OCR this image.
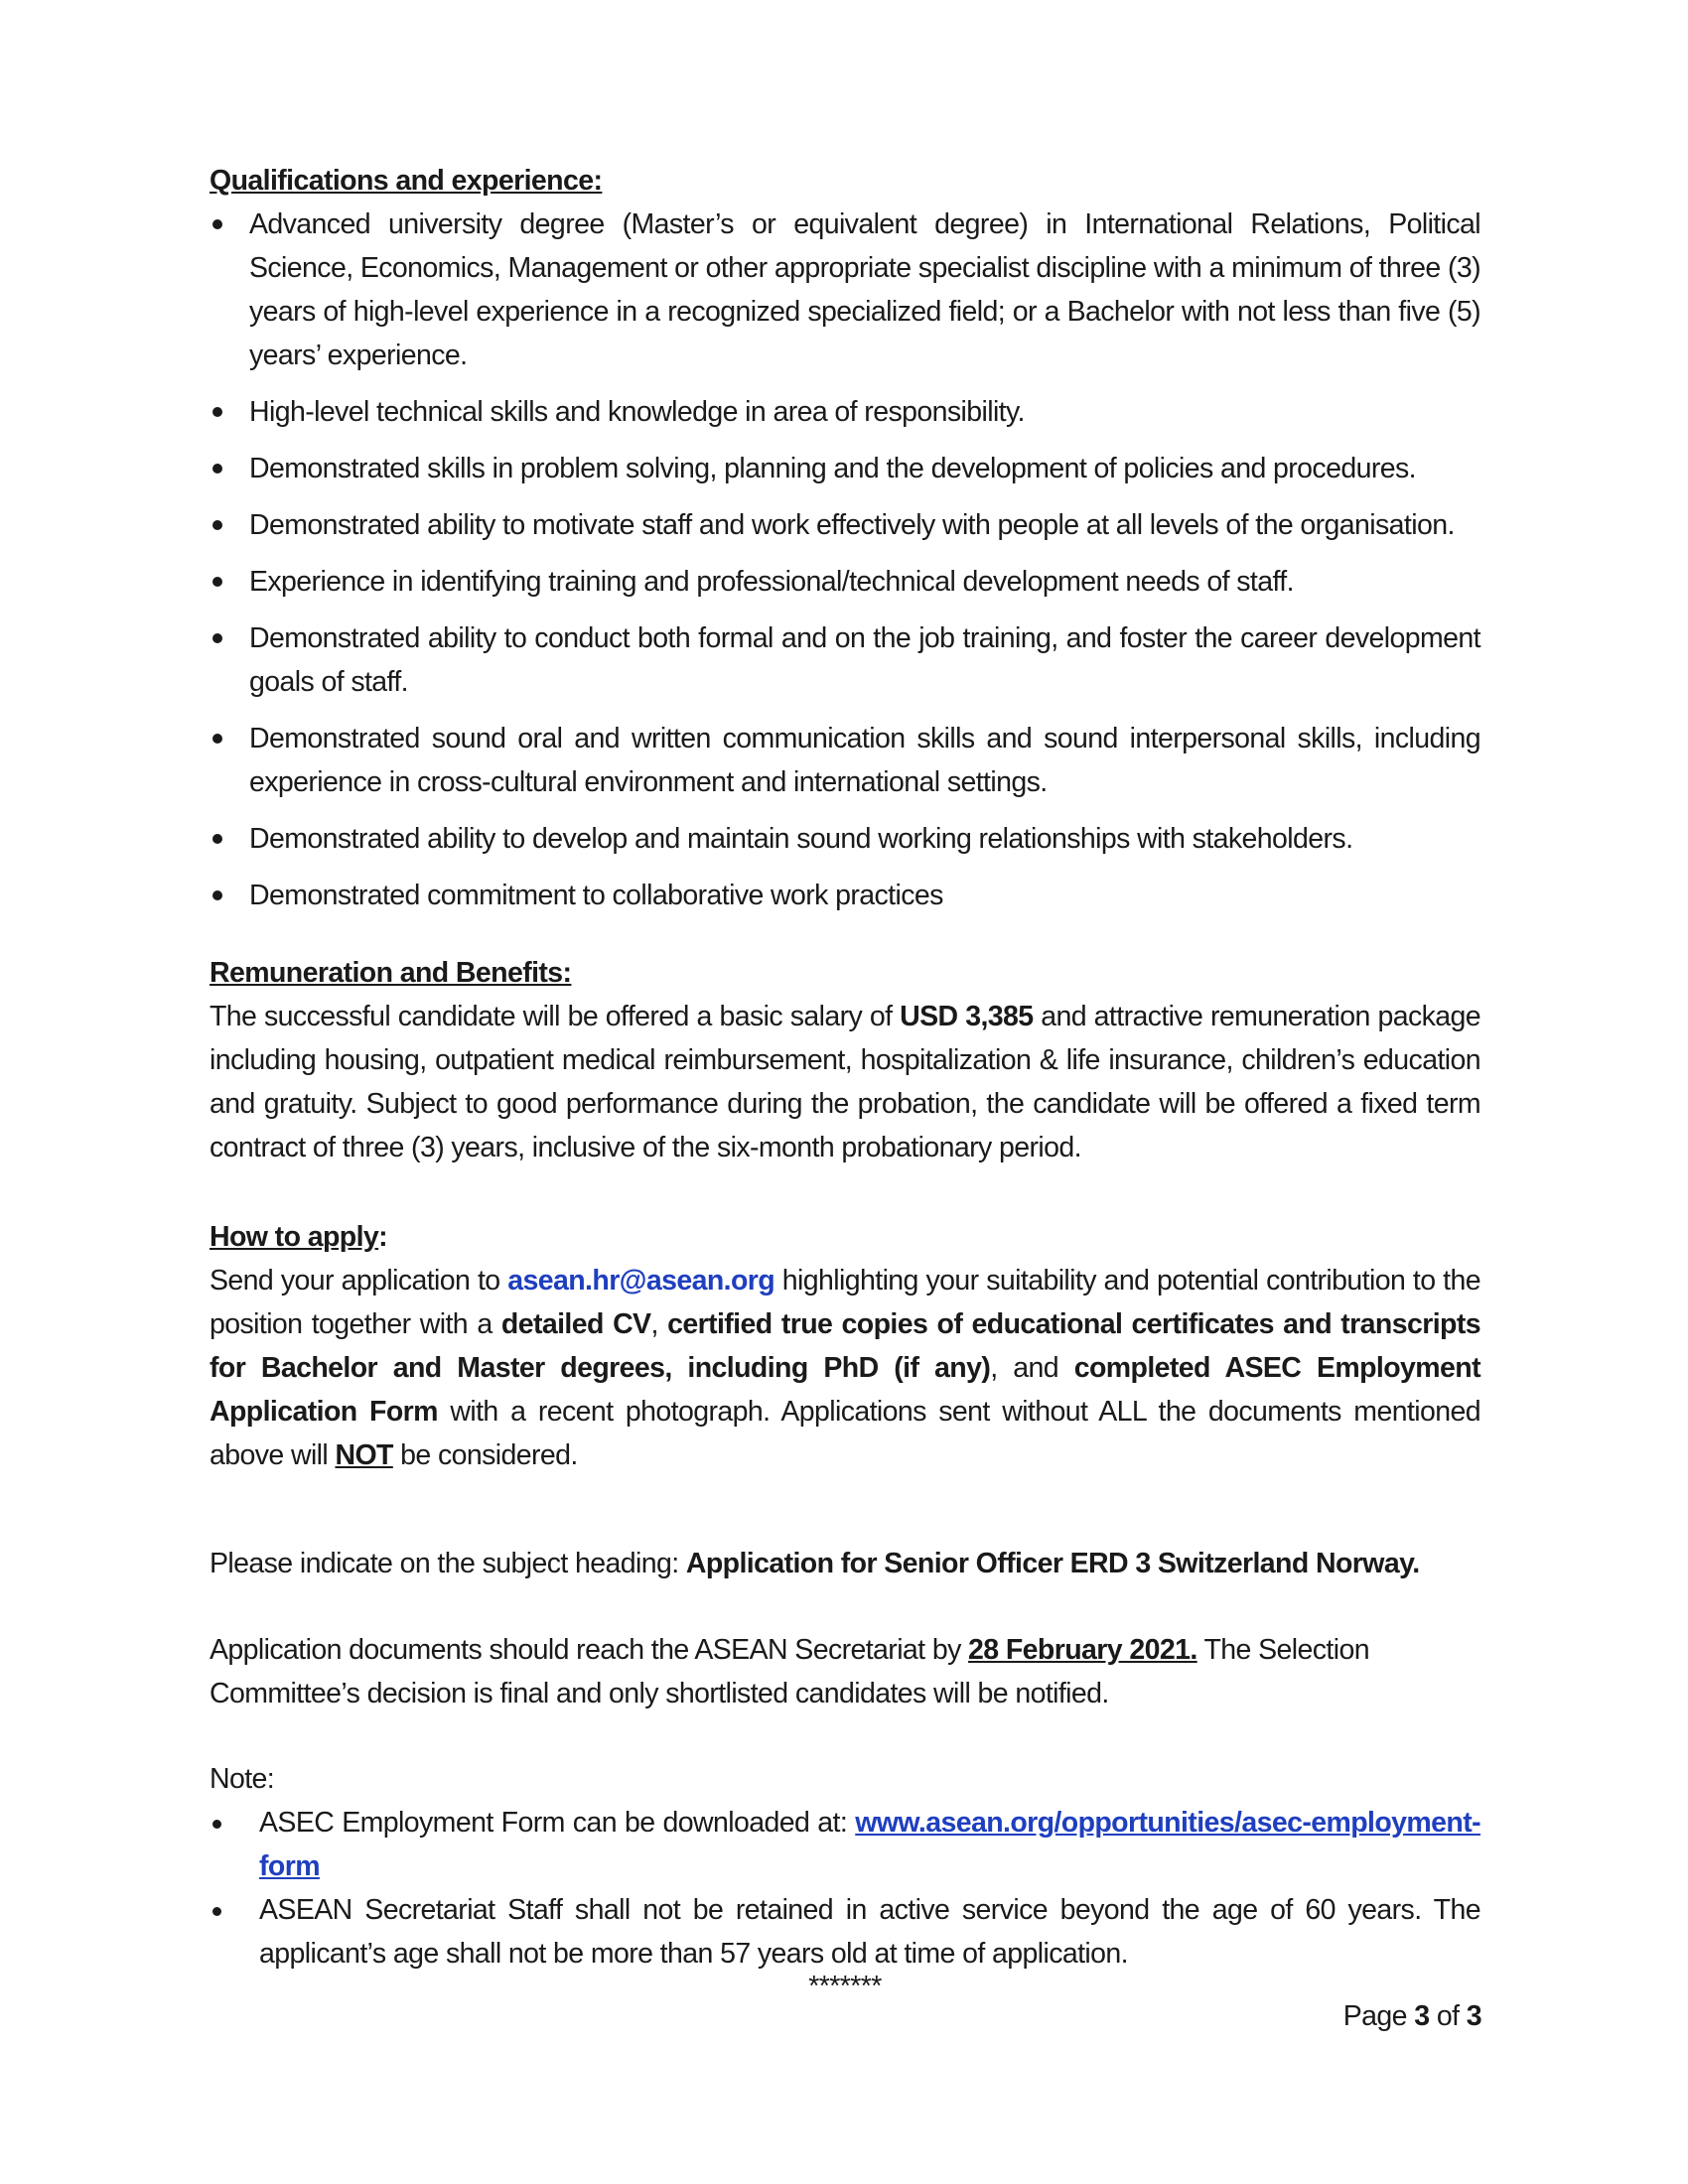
Qualifications and experience:

Advanced university degree (Master’s or equivalent degree) in International Relations, Political Science, Economics, Management or other appropriate specialist discipline with a minimum of three (3) years of high-level experience in a recognized specialized field; or a Bachelor with not less than five (5) years’ experience.
High-level technical skills and knowledge in area of responsibility.
Demonstrated skills in problem solving, planning and the development of policies and procedures.
Demonstrated ability to motivate staff and work effectively with people at all levels of the organisation.
Experience in identifying training and professional/technical development needs of staff.
Demonstrated ability to conduct both formal and on the job training, and foster the career development goals of staff.
Demonstrated sound oral and written communication skills and sound interpersonal skills, including experience in cross-cultural environment and international settings.
Demonstrated ability to develop and maintain sound working relationships with stakeholders.
Demonstrated commitment to collaborative work practices

Remuneration and Benefits:

The successful candidate will be offered a basic salary of USD 3,385 and attractive remuneration package including housing, outpatient medical reimbursement, hospitalization & life insurance, children’s education and gratuity. Subject to good performance during the probation, the candidate will be offered a fixed term contract of three (3) years, inclusive of the six-month probationary period.

How to apply:

Send your application to asean.hr@asean.org highlighting your suitability and potential contribution to the position together with a detailed CV, certified true copies of educational certificates and transcripts for Bachelor and Master degrees, including PhD (if any), and completed ASEC Employment Application Form with a recent photograph. Applications sent without ALL the documents mentioned above will NOT be considered.

Please indicate on the subject heading: Application for Senior Officer ERD 3 Switzerland Norway.

Application documents should reach the ASEAN Secretariat by 28 February 2021. The Selection Committee’s decision is final and only shortlisted candidates will be notified.

Note:

ASEC Employment Form can be downloaded at: www.asean.org/opportunities/asec-employment-form
ASEAN Secretariat Staff shall not be retained in active service beyond the age of 60 years. The applicant’s age shall not be more than 57 years old at time of application.
*******
Page 3 of 3
